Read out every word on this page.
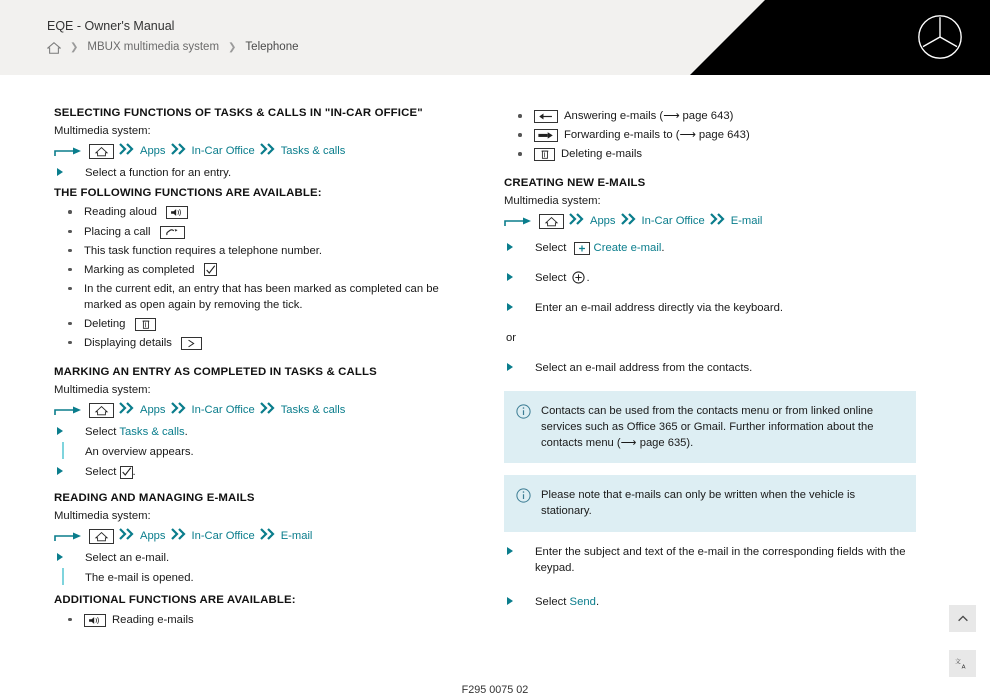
EQE - Owner's Manual
❯ MBUX multimedia system ❯ Telephone
SELECTING FUNCTIONS OF TASKS & CALLS IN "IN-CAR OFFICE"

Multimedia system:

Apps In-Car Office Tasks & calls
Select a function for an entry.
THE FOLLOWING FUNCTIONS ARE AVAILABLE:
Reading aloud
Placing a call
This task function requires a telephone number.
Marking as completed
In the current edit, an entry that has been marked as completed can be marked as open again by removing the tick.
Deleting
Displaying details
MARKING AN ENTRY AS COMPLETED IN TASKS & CALLS

Multimedia system:

Apps In-Car Office Tasks & calls
Select Tasks & calls.
An overview appears.
Select
.
READING AND MANAGING E-MAILS

Multimedia system:

Apps In-Car Office E-mail
Select an e-mail.
The e-mail is opened.
ADDITIONAL FUNCTIONS ARE AVAILABLE:
Reading e-mails
Answering e-mails (⟶ page 643)
Forwarding e-mails to (⟶ page 643)
Deleting e-mails
CREATING NEW E-MAILS

Multimedia system:

Apps In-Car Office E-mail
Select
Create e-mail.
Select
.
Enter an e-mail address directly via the keyboard.
or
Select an e-mail address from the contacts.
Contacts can be used from the contacts menu or from linked online services such as Office 365 or Gmail. Further information about the contacts menu (⟶ page 635).
Please note that e-mails can only be written when the vehicle is stationary.
Enter the subject and text of the e-mail in the corresponding fields with the keypad.
Select Send.
文
A
F295 0075 02
